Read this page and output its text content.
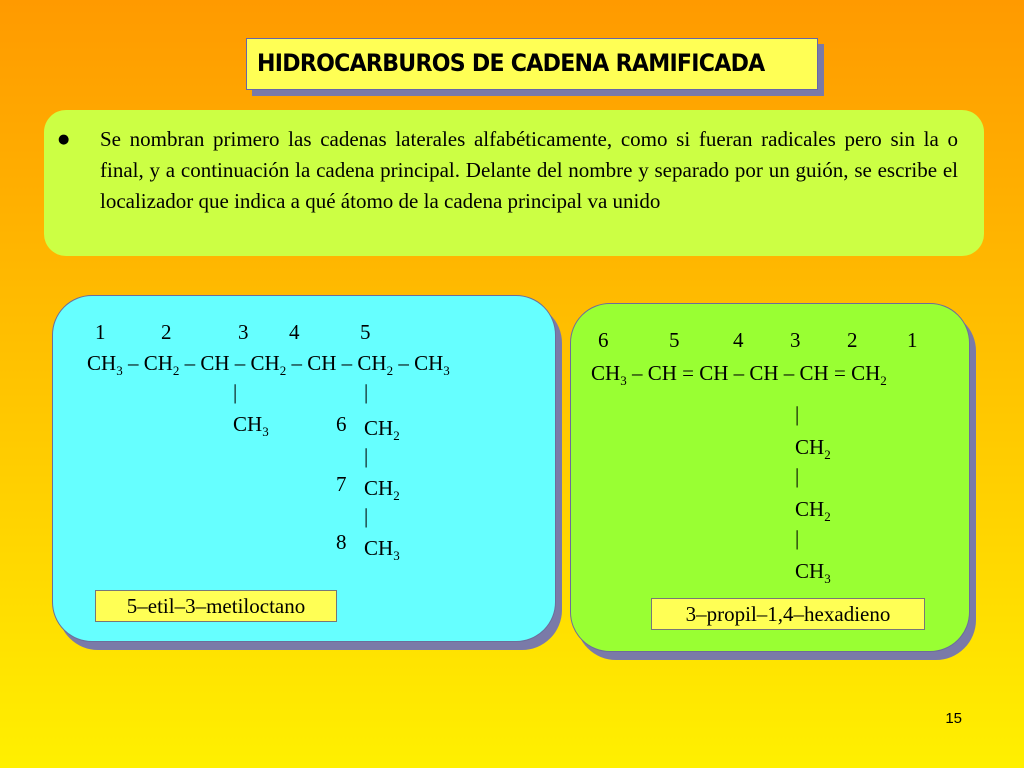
HIDROCARBUROS DE CADENA RAMIFICADA
● Se nombran primero las cadenas laterales alfabéticamente, como si fueran radicales pero sin la o final, y a continuación la cadena principal. Delante del nombre y separado por un guión, se escribe el localizador que indica a qué átomo de la cadena principal va unido
1	2	3 4	5
$CH_3 - CH_2$ – CH – $CH_2$ – CH – $CH_2 - CH_3$
|
$CH_3$
|
6 $CH_2$
|
7 $CH_2$
|
8 $CH_3$
5–etil–3–metiloctano
6	5	4 3 2 1
$CH_3$ – CH = CH – CH – CH = $CH_2$
|
$CH_2$
|
$CH_2$
|
$CH_3$
3–propil–1,4–hexadieno
15
